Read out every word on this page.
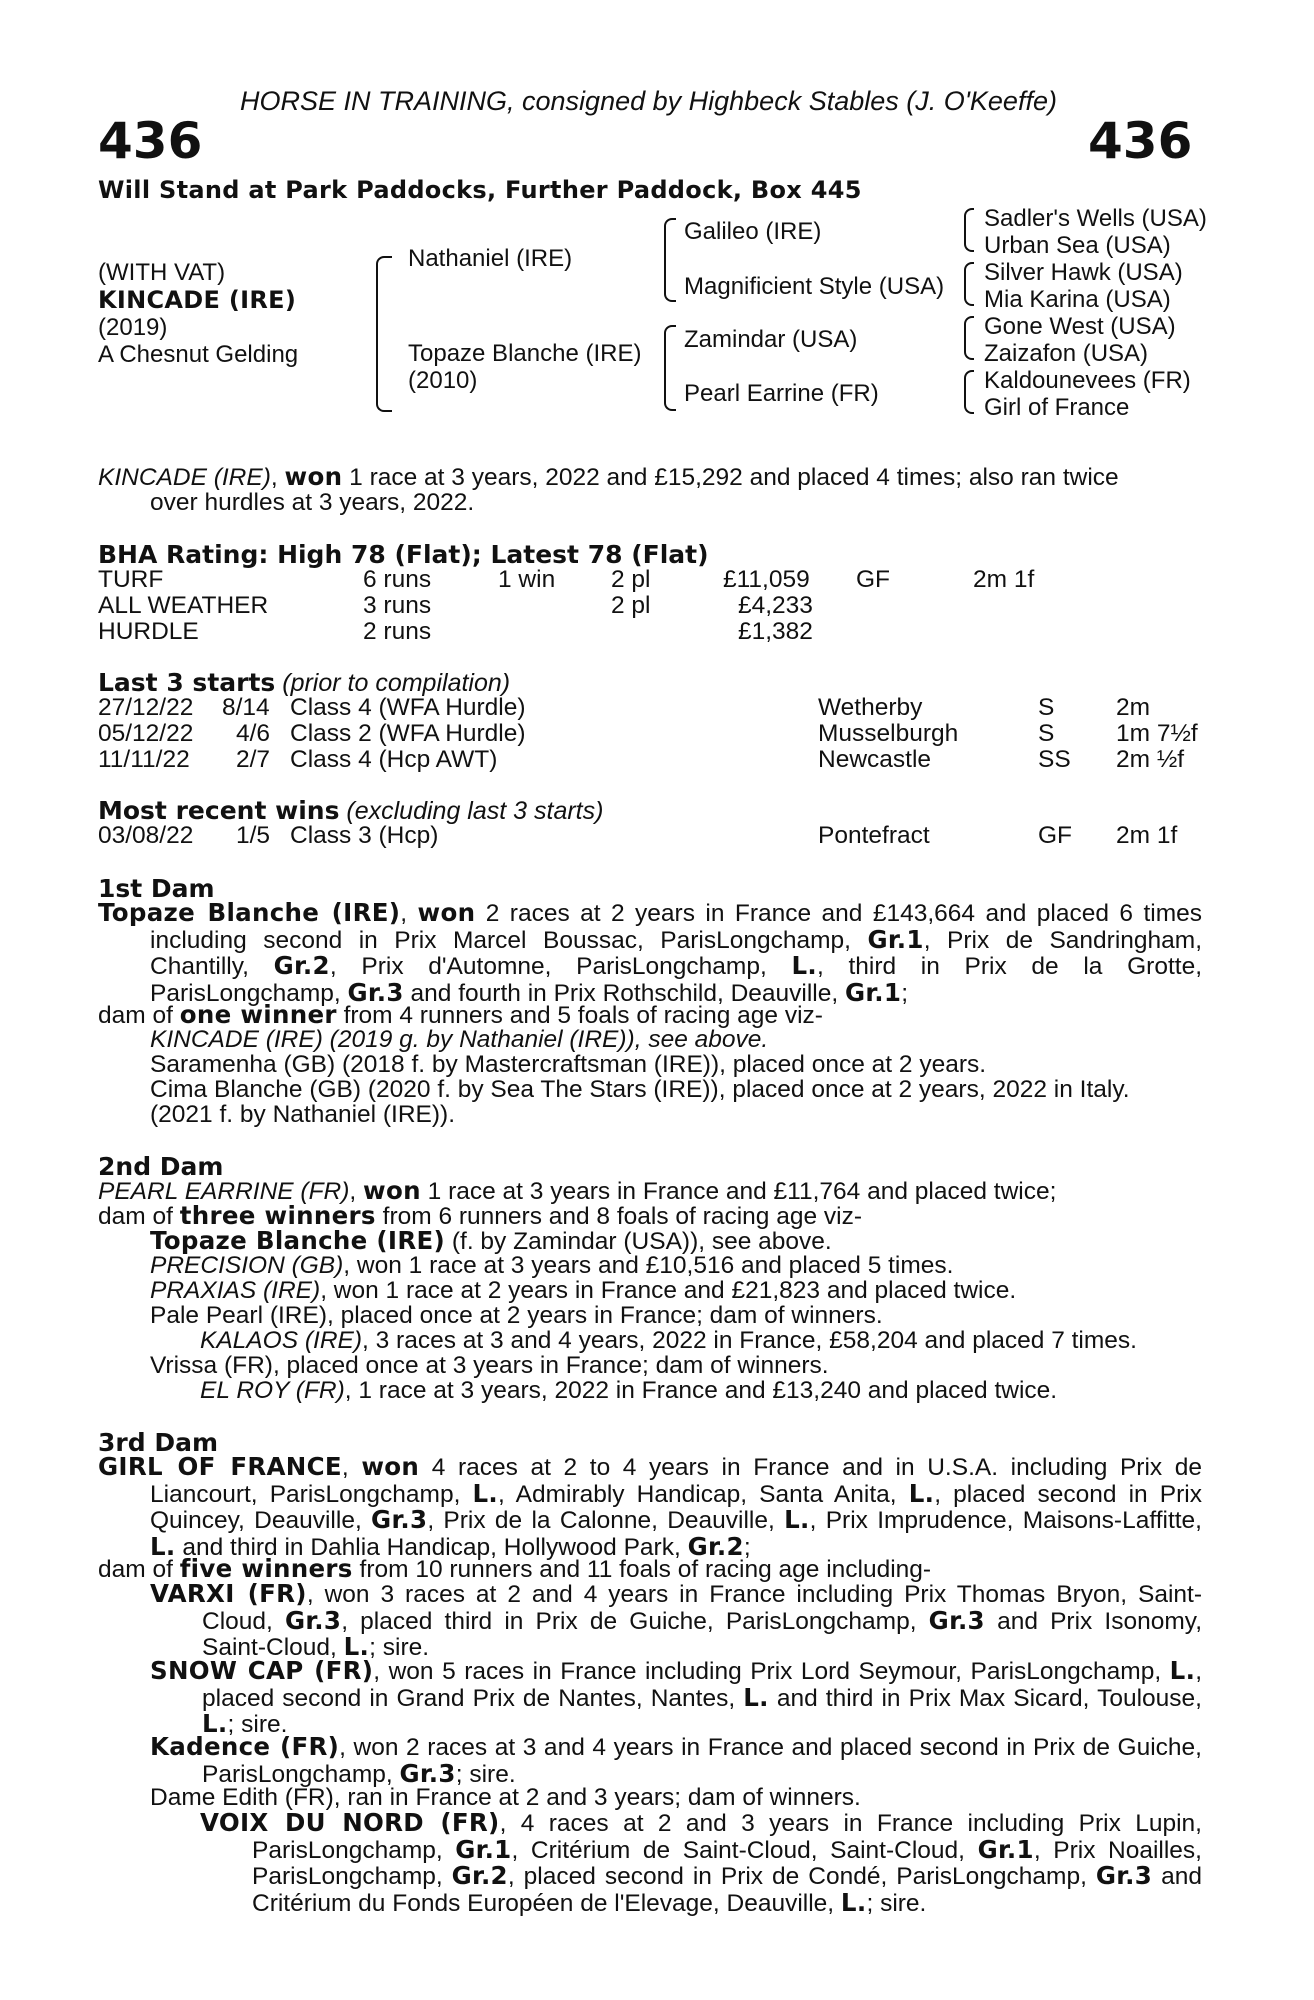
HORSE IN TRAINING, consigned by Highbeck Stables (J. O'Keeffe)
436	436
Will Stand at Park Paddocks, Further Paddock, Box 445
(WITH VAT)
KINCADE (IRE)
(2019)
A Chesnut Gelding
Nathaniel (IRE)
Topaze Blanche (IRE)
(2010)
Galileo (IRE)
Magnificient Style (USA)
Zamindar (USA)
Pearl Earrine (FR)
Sadler's Wells (USA)
Urban Sea (USA)
Silver Hawk (USA)
Mia Karina (USA)
Gone West (USA)
Zaizafon (USA)
Kaldounevees (FR)
Girl of France
KINCADE (IRE), won 1 race at 3 years, 2022 and £15,292 and placed 4 times; also ran twice
over hurdles at 3 years, 2022.
BHA Rating: High 78 (Flat); Latest 78 (Flat)
TURF	6 runs	1 win 2 pl	£11,059 GF	2m 1f
ALL WEATHER	3 runs	2 pl	£4,233
HURDLE	2 runs	£1,382
Last 3 starts (prior to compilation)
27/12/22 8/14 Class 4 (WFA Hurdle)	Wetherby	S	2m
05/12/22 4/6 Class 2 (WFA Hurdle)	Musselburgh	S	1m 7½f
11/11/22 2/7 Class 4 (Hcp AWT)	Newcastle	SS 2m ½f
Most recent wins (excluding last 3 starts)
03/08/22 1/5 Class 3 (Hcp)	Pontefract	GF 2m 1f
1st Dam
Topaze Blanche (IRE), won 2 races at 2 years in France and £143,664 and placed 6 times including second in Prix Marcel Boussac, ParisLongchamp, Gr.1, Prix de Sandringham, Chantilly, Gr.2, Prix d'Automne, ParisLongchamp, L., third in Prix de la Grotte, ParisLongchamp, Gr.3 and fourth in Prix Rothschild, Deauville, Gr.1;
dam of one winner from 4 runners and 5 foals of racing age viz-
KINCADE (IRE) (2019 g. by Nathaniel (IRE)), see above.
Saramenha (GB) (2018 f. by Mastercraftsman (IRE)), placed once at 2 years.
Cima Blanche (GB) (2020 f. by Sea The Stars (IRE)), placed once at 2 years, 2022 in Italy.
(2021 f. by Nathaniel (IRE)).
2nd Dam
PEARL EARRINE (FR), won 1 race at 3 years in France and £11,764 and placed twice;
dam of three winners from 6 runners and 8 foals of racing age viz-
Topaze Blanche (IRE) (f. by Zamindar (USA)), see above.
PRECISION (GB), won 1 race at 3 years and £10,516 and placed 5 times.
PRAXIAS (IRE), won 1 race at 2 years in France and £21,823 and placed twice.
Pale Pearl (IRE), placed once at 2 years in France; dam of winners.
KALAOS (IRE), 3 races at 3 and 4 years, 2022 in France, £58,204 and placed 7 times.
Vrissa (FR), placed once at 3 years in France; dam of winners.
EL ROY (FR), 1 race at 3 years, 2022 in France and £13,240 and placed twice.
3rd Dam
GIRL OF FRANCE, won 4 races at 2 to 4 years in France and in U.S.A. including Prix de Liancourt, ParisLongchamp, L., Admirably Handicap, Santa Anita, L., placed second in Prix Quincey, Deauville, Gr.3, Prix de la Calonne, Deauville, L., Prix Imprudence, Maisons-Laffitte, L. and third in Dahlia Handicap, Hollywood Park, Gr.2;
dam of five winners from 10 runners and 11 foals of racing age including-
VARXI (FR), won 3 races at 2 and 4 years in France including Prix Thomas Bryon, Saint-Cloud, Gr.3, placed third in Prix de Guiche, ParisLongchamp, Gr.3 and Prix Isonomy, Saint-Cloud, L.; sire.
SNOW CAP (FR), won 5 races in France including Prix Lord Seymour, ParisLongchamp, L., placed second in Grand Prix de Nantes, Nantes, L. and third in Prix Max Sicard, Toulouse, L.; sire.
Kadence (FR), won 2 races at 3 and 4 years in France and placed second in Prix de Guiche, ParisLongchamp, Gr.3; sire.
Dame Edith (FR), ran in France at 2 and 3 years; dam of winners.
VOIX DU NORD (FR), 4 races at 2 and 3 years in France including Prix Lupin, ParisLongchamp, Gr.1, Critérium de Saint-Cloud, Saint-Cloud, Gr.1, Prix Noailles, ParisLongchamp, Gr.2, placed second in Prix de Condé, ParisLongchamp, Gr.3 and Critérium du Fonds Européen de l'Elevage, Deauville, L.; sire.
